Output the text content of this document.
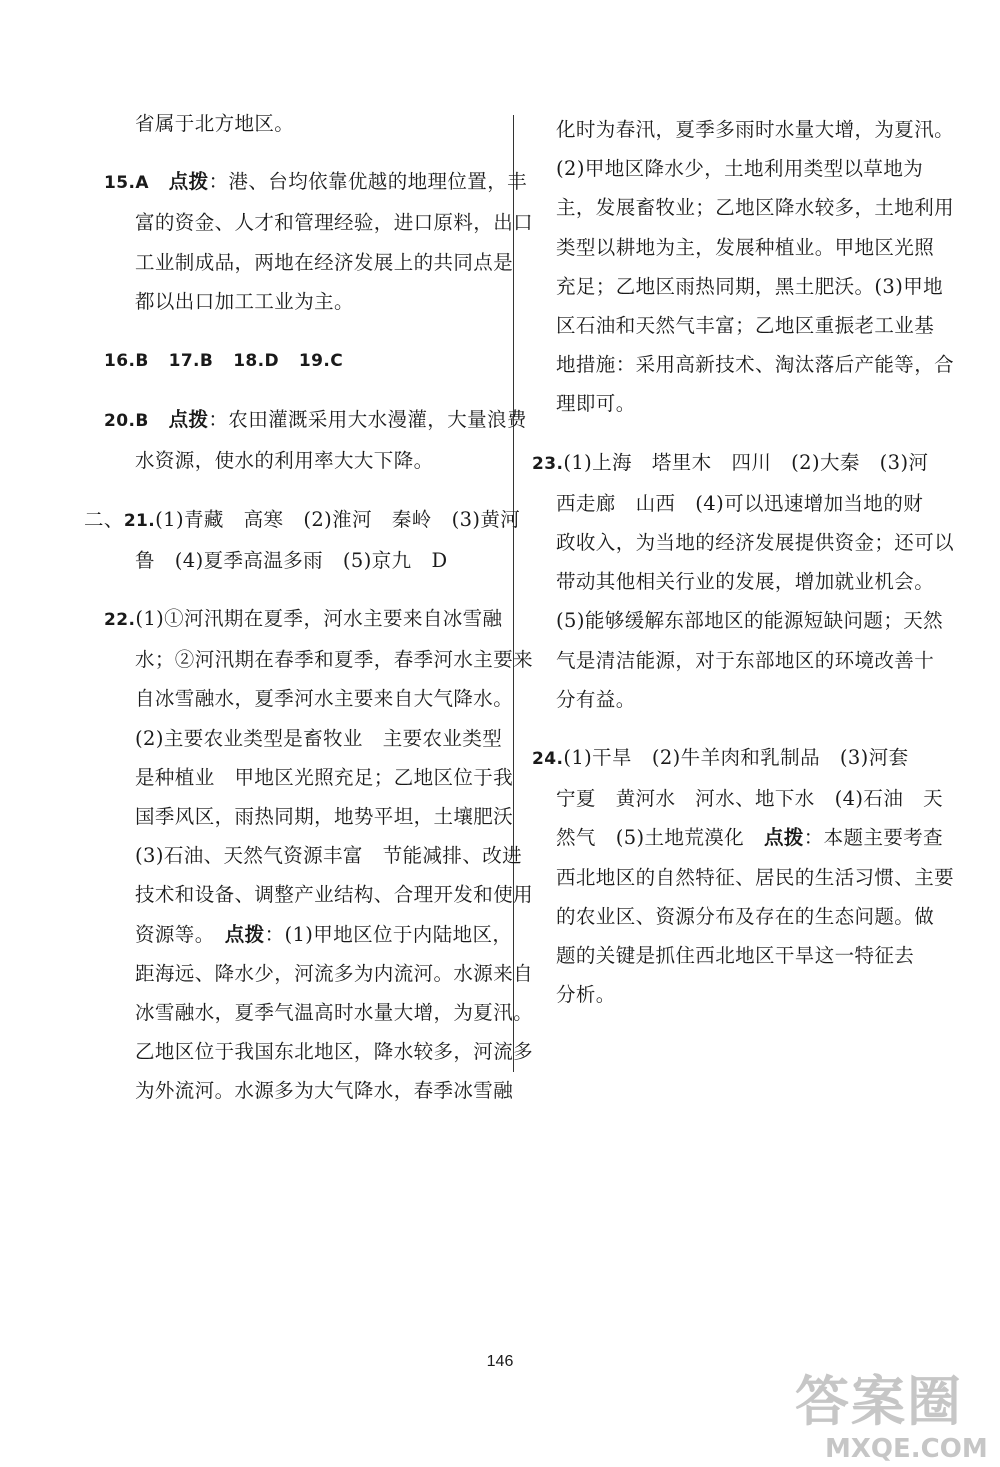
省属于北方地区。
15.A　 点拨：港、台均依靠优越的地理位置，丰
富的资金、人才和管理经验，进口原料，出口
工业制成品，两地在经济发展上的共同点是
都以出口加工工业为主。
16.B　 17.B　 18.D　 19.C
20.B　 点拨：农田灌溉采用大水漫灌，大量浪费
水资源，使水的利用率大大下降。
二、21.(1)青藏　高寒　(2)淮河　秦岭　(3)黄河
鲁　(4)夏季高温多雨　(5)京九　D
22.(1)①河汛期在夏季，河水主要来自冰雪融
水；②河汛期在春季和夏季，春季河水主要来
自冰雪融水，夏季河水主要来自大气降水。
(2)主要农业类型是畜牧业　主要农业类型
是种植业　甲地区光照充足；乙地区位于我
国季风区，雨热同期，地势平坦，土壤肥沃
(3)石油、天然气资源丰富　节能减排、改进
技术和设备、调整产业结构、合理开发和使用
资源等。　 点拨：(1)甲地区位于内陆地区，
距海远、降水少，河流多为内流河。水源来自
冰雪融水，夏季气温高时水量大增，为夏汛。
乙地区位于我国东北地区，降水较多，河流多
为外流河。水源多为大气降水，春季冰雪融
化时为春汛，夏季多雨时水量大增，为夏汛。
(2)甲地区降水少，土地利用类型以草地为
主，发展畜牧业；乙地区降水较多，土地利用
类型以耕地为主，发展种植业。甲地区光照
充足；乙地区雨热同期，黑土肥沃。(3)甲地
区石油和天然气丰富；乙地区重振老工业基
地措施：采用高新技术、淘汰落后产能等，合
理即可。
23.(1)上海　塔里木　四川　(2)大秦　(3)河
西走廊　山西　(4)可以迅速增加当地的财
政收入，为当地的经济发展提供资金；还可以
带动其他相关行业的发展，增加就业机会。
(5)能够缓解东部地区的能源短缺问题；天然
气是清洁能源，对于东部地区的环境改善十
分有益。
24.(1)干旱　(2)牛羊肉和乳制品　(3)河套
宁夏　黄河水　河水、地下水　(4)石油　天
然气　(5)土地荒漠化　点拨：本题主要考查
西北地区的自然特征、居民的生活习惯、主要
的农业区、资源分布及存在的生态问题。做
题的关键是抓住西北地区干旱这一特征去
分析。
146
答案圈
MXQE.COM
